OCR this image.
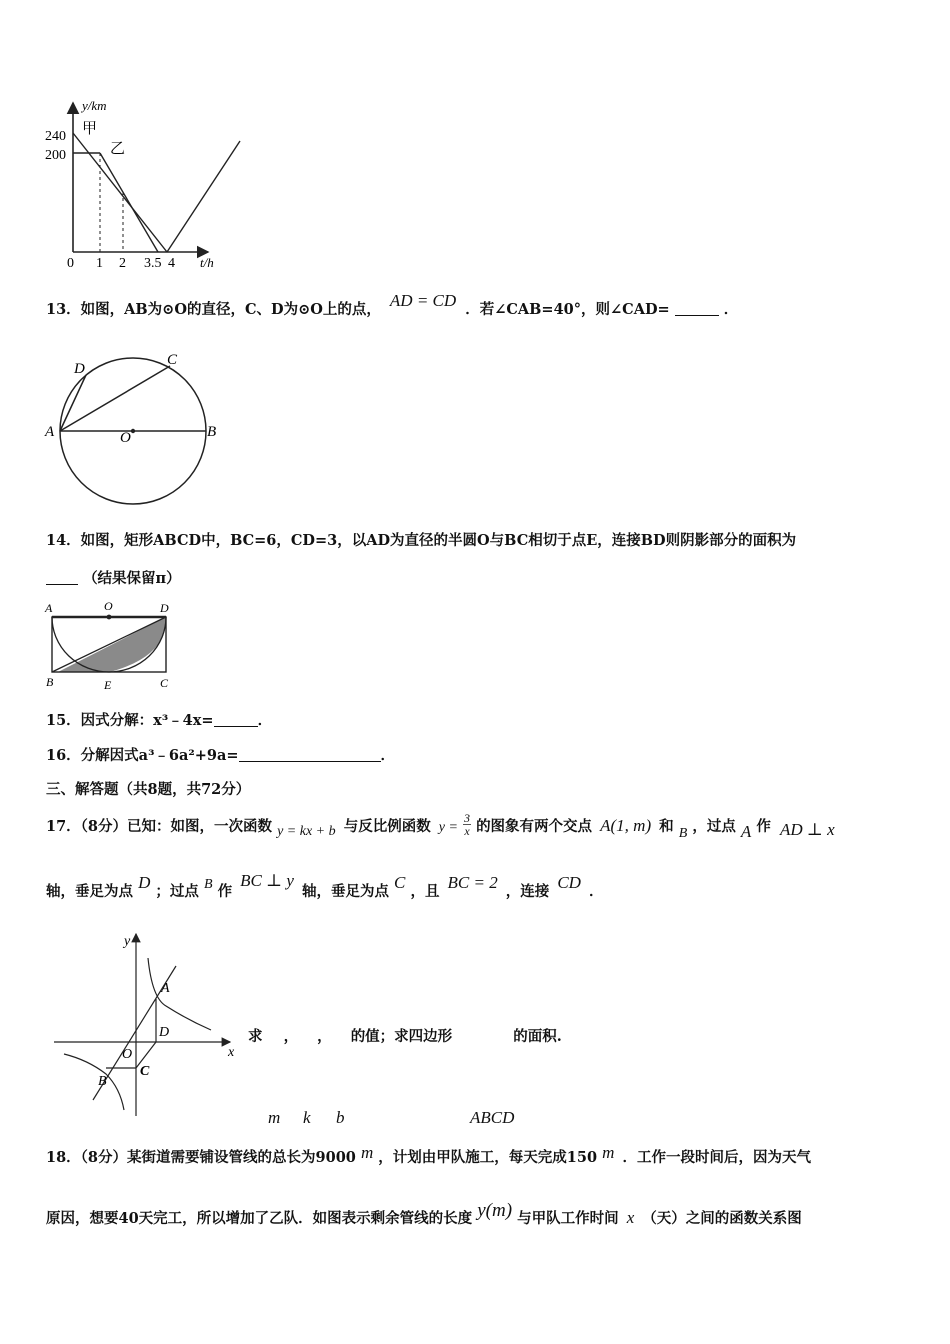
y/km
240
200
甲
乙
0 1 2 3.5 4 t/h
13．如图，AB为⊙O的直径，C、D为⊙O上的点， AD = CD ．若∠CAB=40°，则∠CAD=	．
A	B
C
D
O
14．如图，矩形ABCD中，BC=6，CD=3，以AD为直径的半圆O与BC相切于点E，连接BD则阴影部分的面积为
（结果保留π）
A	O	D
B	E	C
15．因式分解：x³﹣4x=	．
16．分解因式a³﹣6a²+9a=	．
三、解答题（共8题，共72分）
17．（8分）已知：如图，一次函数 y = kx + b 与反比例函数 $y = \frac{3}{x}$ 的图象有两个交点 A(1, m) 和 B ，过点 A 作 AD ⊥ x
轴，垂足为点 D ；过点 B 作 BC ⊥ y 轴，垂足为点 C ，且 BC = 2 ，连接 CD ．
y
x
O
A
D
B
C
求 ， ， 的值；求四边形	的面积.
m k b	ABCD
18．（8分）某街道需要铺设管线的总长为9000 m ，计划由甲队施工，每天完成150 m ．工作一段时间后，因为天气
原因，想要40天完工，所以增加了乙队．如图表示剩余管线的长度 y(m) 与甲队工作时间 x （天）之间的函数关系图
